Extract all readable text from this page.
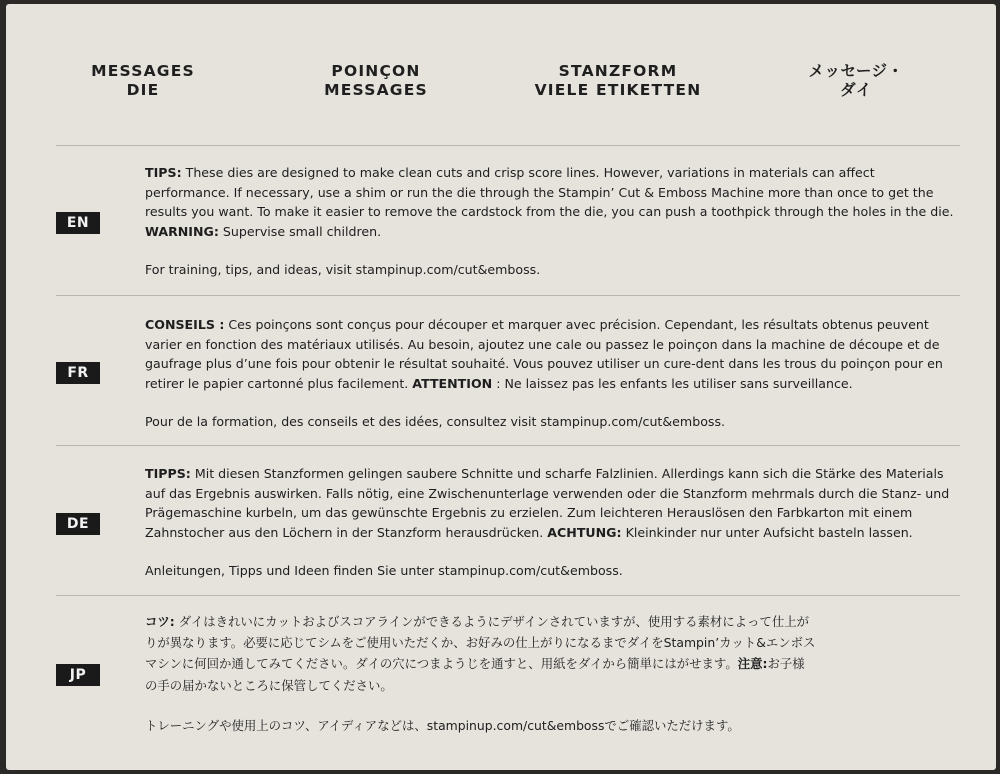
MESSAGES
DIE
POINÇON
MESSAGES
STANZFORM
VIELE ETIKETTEN
メッセージ・
ダイ
EN
TIPS: These dies are designed to make clean cuts and crisp score lines. However, variations in materials can affect
performance. If necessary, use a shim or run the die through the Stampin’ Cut & Emboss Machine more than once to get the
results you want. To make it easier to remove the cardstock from the die, you can push a toothpick through the holes in the die.
WARNING: Supervise small children.
For training, tips, and ideas, visit stampinup.com/cut&emboss.
FR
CONSEILS : Ces poinçons sont conçus pour découper et marquer avec précision. Cependant, les résultats obtenus peuvent
varier en fonction des matériaux utilisés. Au besoin, ajoutez une cale ou passez le poinçon dans la machine de découpe et de
gaufrage plus d’une fois pour obtenir le résultat souhaité. Vous pouvez utiliser un cure-dent dans les trous du poinçon pour en
retirer le papier cartonné plus facilement. ATTENTION : Ne laissez pas les enfants les utiliser sans surveillance.
Pour de la formation, des conseils et des idées, consultez visit stampinup.com/cut&emboss.
DE
TIPPS: Mit diesen Stanzformen gelingen saubere Schnitte und scharfe Falzlinien. Allerdings kann sich die Stärke des Materials
auf das Ergebnis auswirken. Falls nötig, eine Zwischenunterlage verwenden oder die Stanzform mehrmals durch die Stanz- und
Prägemaschine kurbeln, um das gewünschte Ergebnis zu erzielen. Zum leichteren Herauslösen den Farbkarton mit einem
Zahnstocher aus den Löchern in der Stanzform herausdrücken. ACHTUNG: Kleinkinder nur unter Aufsicht basteln lassen.
Anleitungen, Tipps und Ideen finden Sie unter stampinup.com/cut&emboss.
JP
コツ: ダイはきれいにカットおよびスコアラインができるようにデザインされていますが、使用する素材によって仕上が
りが異なります。必要に応じてシムをご使用いただくか、お好みの仕上がりになるまでダイをStampin’カット&エンボス
マシンに何回か通してみてください。ダイの穴につまようじを通すと、用紙をダイから簡単にはがせます。注意:お子様
の手の届かないところに保管してください。
トレーニングや使用上のコツ、アイディアなどは、stampinup.com/cut&embossでご確認いただけます。
